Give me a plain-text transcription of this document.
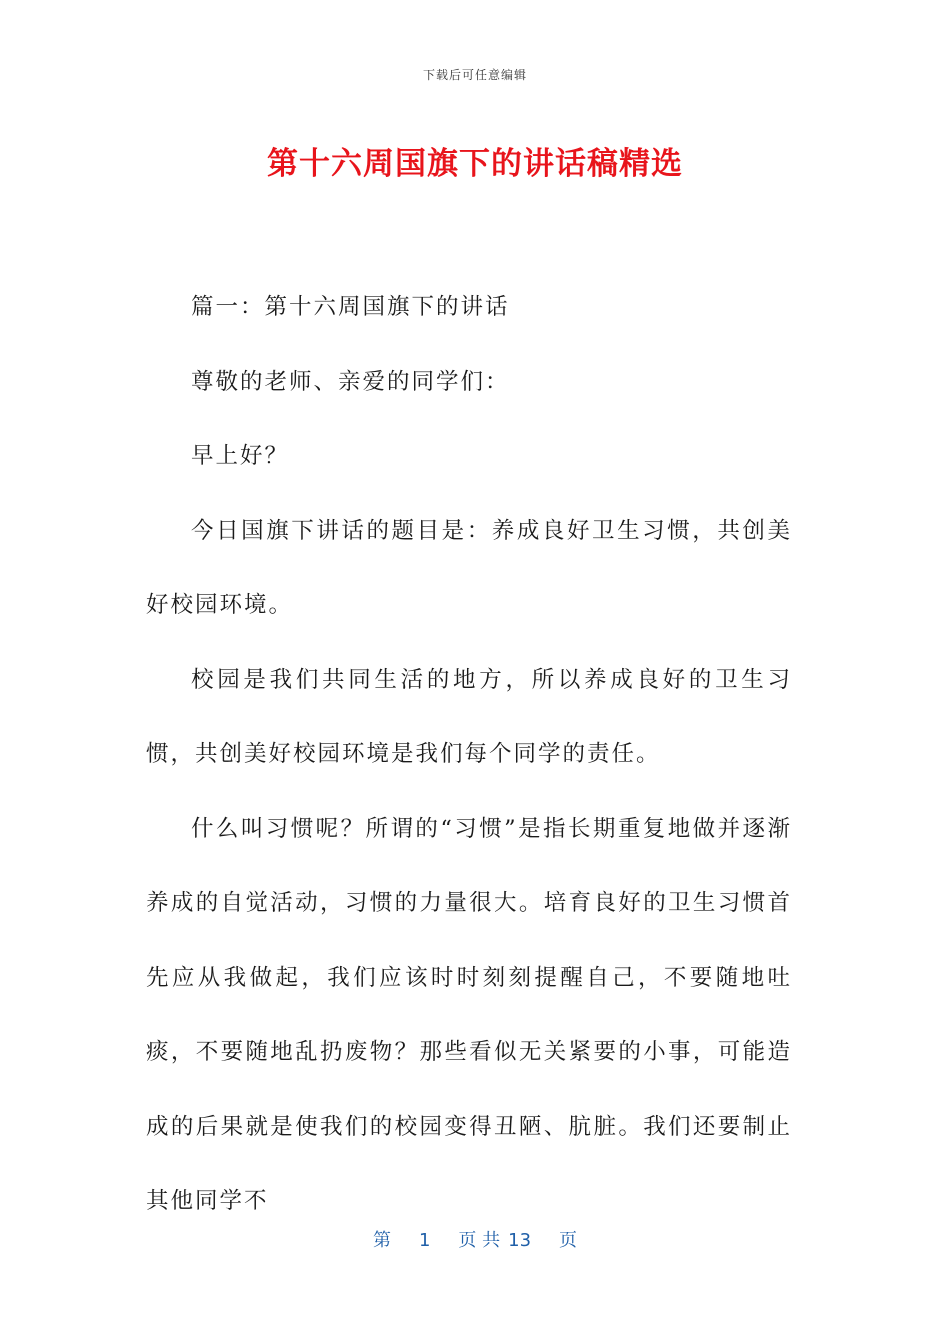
下载后可任意编辑
第十六周国旗下的讲话稿精选

篇一：第十六周国旗下的讲话

尊敬的老师、亲爱的同学们：

早上好？

今日国旗下讲话的题目是：养成良好卫生习惯，共创美好校园环境。

校园是我们共同生活的地方，所以养成良好的卫生习惯，共创美好校园环境是我们每个同学的责任。

什么叫习惯呢？所谓的“习惯”是指长期重复地做并逐渐养成的自觉活动，习惯的力量很大。培育良好的卫生习惯首先应从我做起，我们应该时时刻刻提醒自己，不要随地吐痰，不要随地乱扔废物？那些看似无关紧要的小事，可能造成的后果就是使我们的校园变得丑陋、肮脏。我们还要制止其他同学不

第 1 页 共 13 页
